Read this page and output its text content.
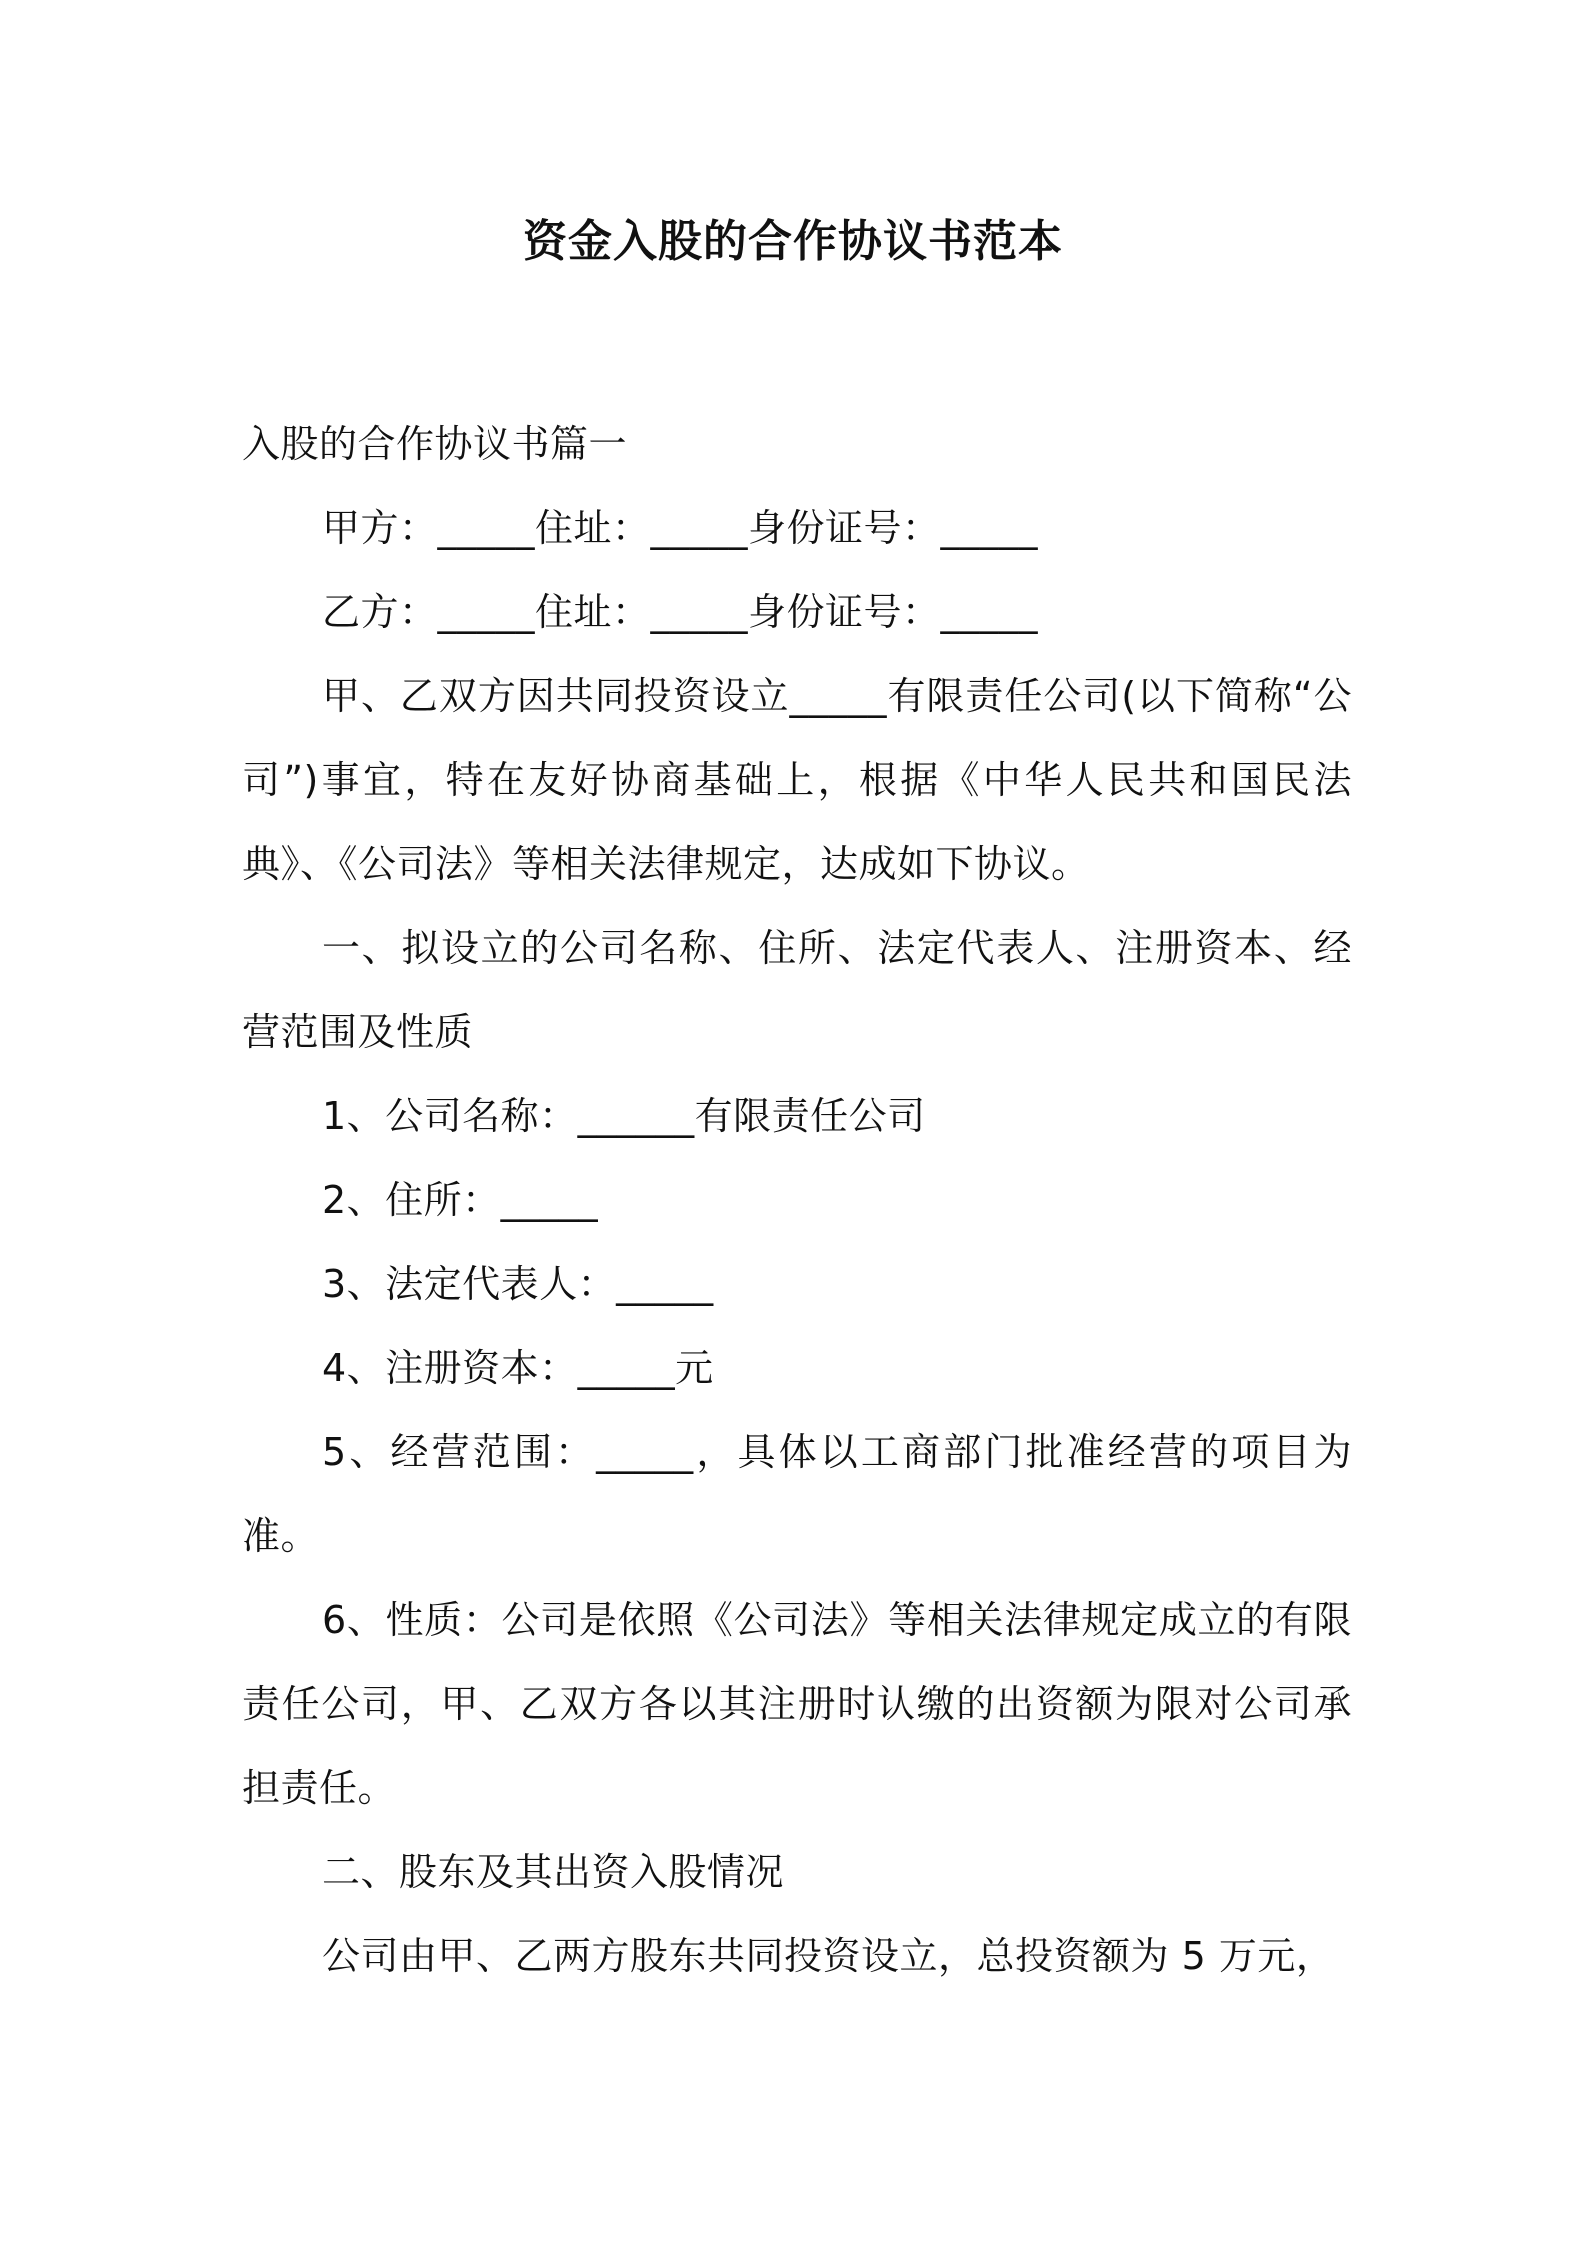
资金入股的合作协议书范本

入股的合作协议书篇一

甲方：_____住址：_____身份证号：_____

乙方：_____住址：_____身份证号：_____

甲、乙双方因共同投资设立_____有限责任公司(以下简称“公司”)事宜，特在友好协商基础上，根据《中华人民共和国民法典》、《公司法》等相关法律规定，达成如下协议。

一、拟设立的公司名称、住所、法定代表人、注册资本、经营范围及性质

1、公司名称：______有限责任公司

2、住所：_____

3、法定代表人：_____

4、注册资本：_____元

5、经营范围：_____，具体以工商部门批准经营的项目为准。

6、性质：公司是依照《公司法》等相关法律规定成立的有限责任公司，甲、乙双方各以其注册时认缴的出资额为限对公司承担责任。

二、股东及其出资入股情况

公司由甲、乙两方股东共同投资设立，总投资额为 5 万元，
